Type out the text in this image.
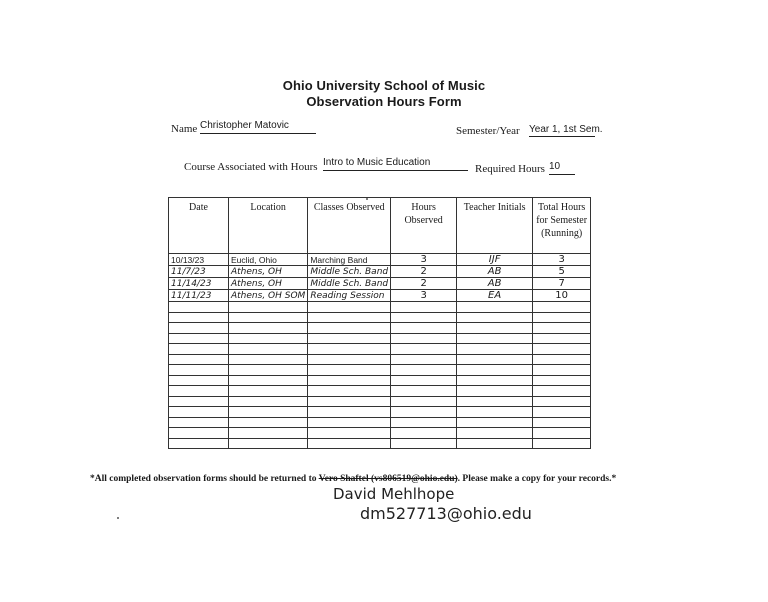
Ohio University School of Music
Observation Hours Form
Name Christopher Matovic	Semester/Year Year 1, 1st Sem.
Course Associated with Hours Intro to Music Education
Required Hours 10
Date	Location	Classes Observed	Hours Observed	Teacher Initials	Total Hours for Semester (Running)
10/13/23	Euclid, Ohio	Marching Band	3	IJF	3
11/7/23	Athens, OH	Middle Sch. Band	2	AB	5
11/14/23	Athens, OH	Middle Sch. Band	2	AB	7
11/11/23	Athens, OH SOM	Reading Session	3	EA	10

*All completed observation forms should be returned to Vero Shaftel (vs806519@ohio.edu). Please make a copy for your records.*
David Mehlhope
dm527713@ohio.edu
